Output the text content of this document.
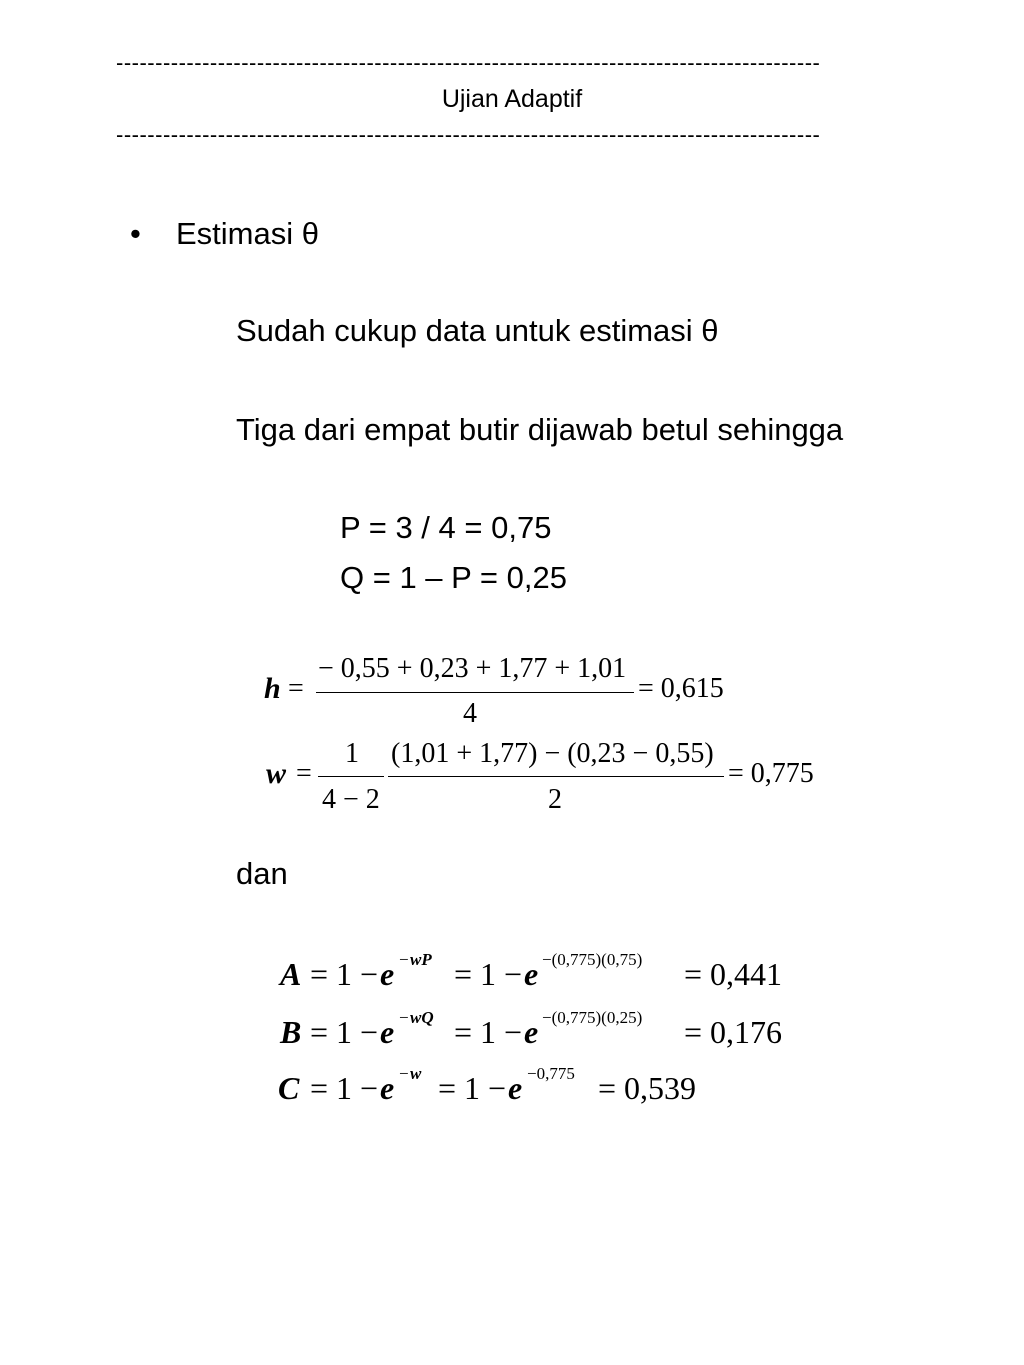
------------------------------------------------------------------------------------------
Ujian Adaptif
------------------------------------------------------------------------------------------
• Estimasi θ
Sudah cukup data untuk estimasi θ
Tiga dari empat butir dijawab betul sehingga
P = 3 / 4 = 0,75
Q = 1 – P = 0,25
h =
− 0,55 + 0,23 + 1,77 + 1,01
4
= 0,615
w =
1
4 − 2
(1,01 + 1,77) − (0,23 − 0,55)
2
= 0,775
dan
A = 1 − e − wP = 1 − e −(0,775)(0,75) = 0,441
B = 1 − e − wQ = 1 − e −(0,775)(0,25) = 0,176
C = 1 − e − w = 1 − e −0,775 = 0,539
